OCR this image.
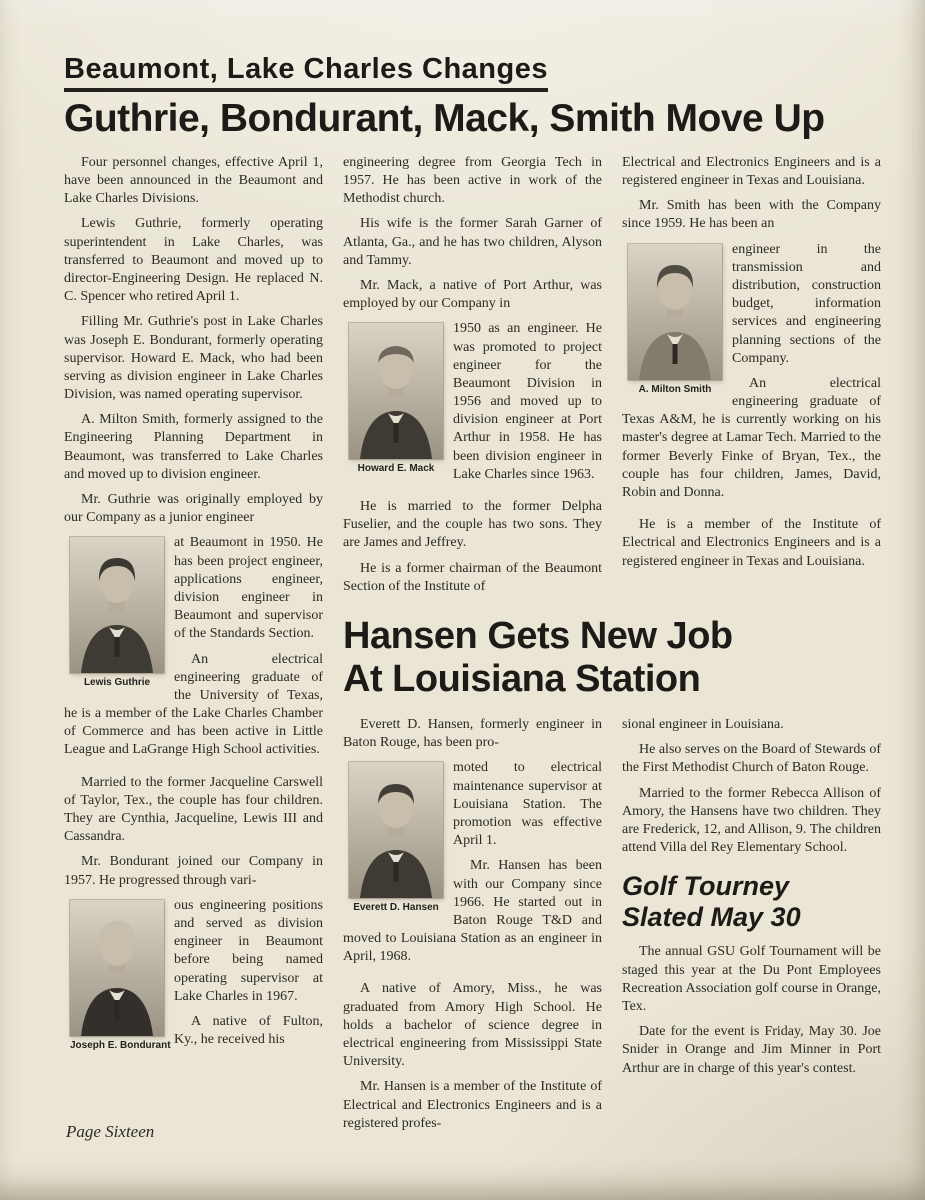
Beaumont, Lake Charles Changes
Guthrie, Bondurant, Mack, Smith Move Up

Four personnel changes, effective April 1, have been announced in the Beaumont and Lake Charles Divisions.

Lewis Guthrie, formerly operating superintendent in Lake Charles, was transferred to Beaumont and moved up to director-Engineering Design. He replaced N. C. Spencer who retired April 1.

Filling Mr. Guthrie's post in Lake Charles was Joseph E. Bondurant, formerly operating supervisor. Howard E. Mack, who had been serving as division engineer in Lake Charles Division, was named operating supervisor.

A. Milton Smith, formerly assigned to the Engineering Planning Department in Beaumont, was transferred to Lake Charles and moved up to division engineer.

Mr. Guthrie was originally employed by our Company as a junior engineer

Lewis Guthrie

at Beaumont in 1950. He has been project engineer, applications engineer, division engineer in Beaumont and supervisor of the Standards Section.

An electrical engineering graduate of the University of Texas, he is a member of the Lake Charles Chamber of Commerce and has been active in Little League and LaGrange High School activities.

Married to the former Jacqueline Carswell of Taylor, Tex., the couple has four children. They are Cynthia, Jacqueline, Lewis III and Cassandra.

Mr. Bondurant joined our Company in 1957. He progressed through vari-

Joseph E. Bondurant

ous engineering positions and served as division engineer in Beaumont before being named operating supervisor at Lake Charles in 1967.

A native of Fulton, Ky., he received his

engineering degree from Georgia Tech in 1957. He has been active in work of the Methodist church.

His wife is the former Sarah Garner of Atlanta, Ga., and he has two children, Alyson and Tammy.

Mr. Mack, a native of Port Arthur, was employed by our Company in

Howard E. Mack

1950 as an engineer. He was promoted to project engineer for the Beaumont Division in 1956 and moved up to division engineer at Port Arthur in 1958. He has been division engineer in Lake Charles since 1963.

He is married to the former Delpha Fuselier, and the couple has two sons. They are James and Jeffrey.

He is a former chairman of the Beaumont Section of the Institute of

Electrical and Electronics Engineers and is a registered engineer in Texas and Louisiana.

Mr. Smith has been with the Company since 1959. He has been an

A. Milton Smith

engineer in the transmission and distribution, construction budget, information services and engineering planning sections of the Company.

An electrical engineering graduate of Texas A&M, he is currently working on his master's degree at Lamar Tech. Married to the former Beverly Finke of Bryan, Tex., the couple has four children, James, David, Robin and Donna.

He is a member of the Institute of Electrical and Electronics Engineers and is a registered engineer in Texas and Louisiana.

Hansen Gets New Job
At Louisiana Station

Everett D. Hansen, formerly engineer in Baton Rouge, has been pro-

Everett D. Hansen

moted to electrical maintenance supervisor at Louisiana Station. The promotion was effective April 1.

Mr. Hansen has been with our Company since 1966. He started out in Baton Rouge T&D and moved to Louisiana Station as an engineer in April, 1968.

A native of Amory, Miss., he was graduated from Amory High School. He holds a bachelor of science degree in electrical engineering from Mississippi State University.

Mr. Hansen is a member of the Institute of Electrical and Electronics Engineers and is a registered profes-

sional engineer in Louisiana.

He also serves on the Board of Stewards of the First Methodist Church of Baton Rouge.

Married to the former Rebecca Allison of Amory, the Hansens have two children. They are Frederick, 12, and Allison, 9. The children attend Villa del Rey Elementary School.

Golf Tourney
Slated May 30

The annual GSU Golf Tournament will be staged this year at the Du Pont Employees Recreation Association golf course in Orange, Tex.

Date for the event is Friday, May 30. Joe Snider in Orange and Jim Minner in Port Arthur are in charge of this year's contest.

Page Sixteen
